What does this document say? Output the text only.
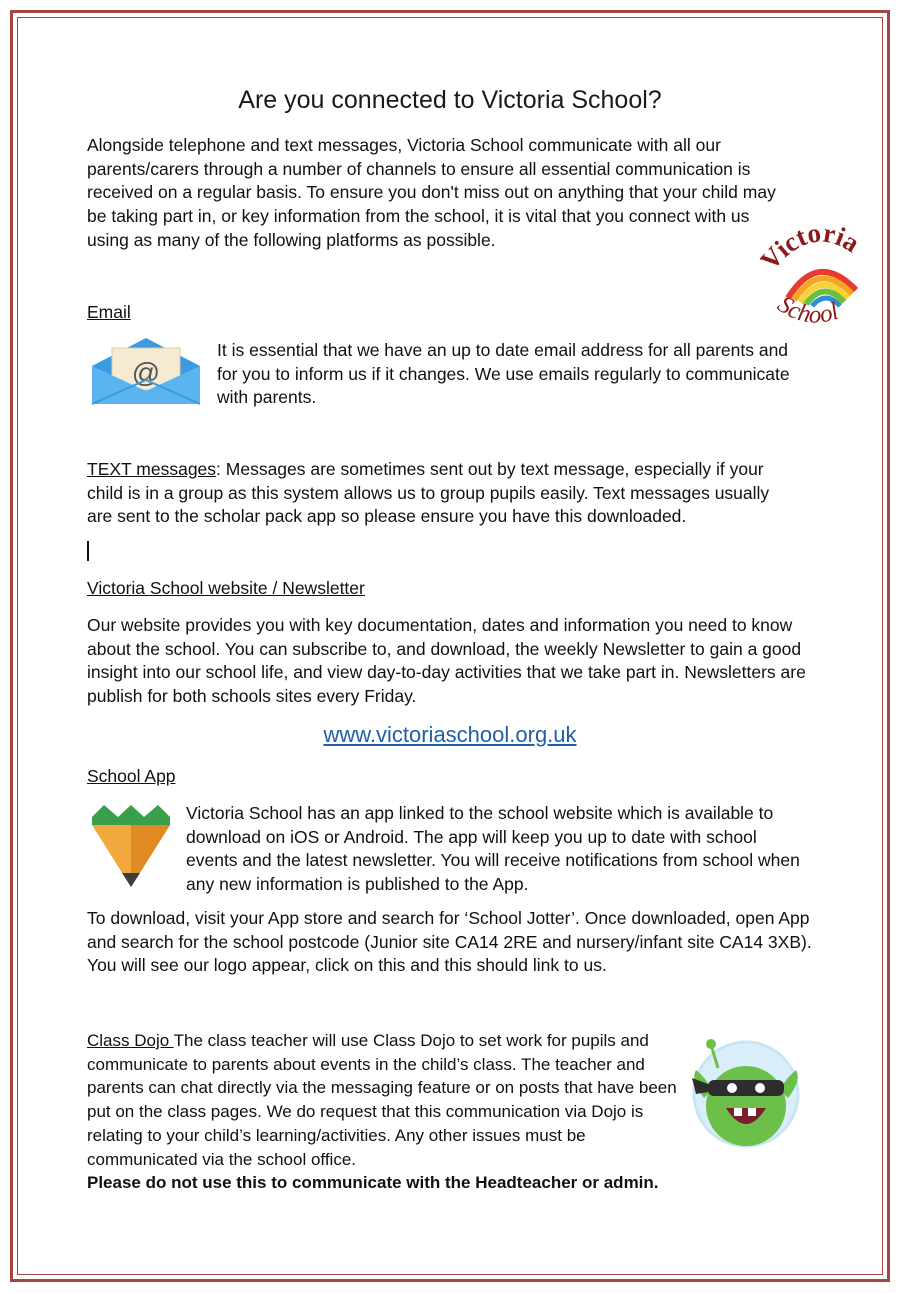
Are you connected to Victoria School?

Alongside telephone and text messages, Victoria School communicate with all our parents/carers through a number of channels to ensure all essential communication is received on a regular basis. To ensure you don't miss out on anything that your child may be taking part in, or key information from the school, it is vital that you connect with us using as many of the following platforms as possible.	ictoria
School
Email
@

It is essential that we have an up to date email address for all parents and for you to inform us if it changes. We use emails regularly to communicate with parents.

TEXT messages: Messages are sometimes sent out by text message, especially if your child is in a group as this system allows us to group pupils easily. Text messages usually are sent to the scholar pack app so please ensure you have this downloaded.

Victoria School website / Newsletter

Our website provides you with key documentation, dates and information you need to know about the school. You can subscribe to, and download, the weekly Newsletter to gain a good insight into our school life, and view day-to-day activities that we take part in. Newsletters are publish for both schools sites every Friday.

www.victoriaschool.org.uk
School App

Victoria School has an app linked to the school website which is available to download on iOS or Android. The app will keep you up to date with school events and the latest newsletter. You will receive notifications from school when any new information is published to the App.

To download, visit your App store and search for ‘School Jotter’. Once downloaded, open App and search for the school postcode (Junior site CA14 2RE and nursery/infant site CA14 3XB). You will see our logo appear, click on this and this should link to us.

Class Dojo The class teacher will use Class Dojo to set work for pupils and communicate to parents about events in the child’s class. The teacher and parents can chat directly via the messaging feature or on posts that have been put on the class pages. We do request that this communication via Dojo is relating to your child’s learning/activities. Any other issues must be communicated via the school office. Please do not use this to communicate with the Headteacher or admin.
